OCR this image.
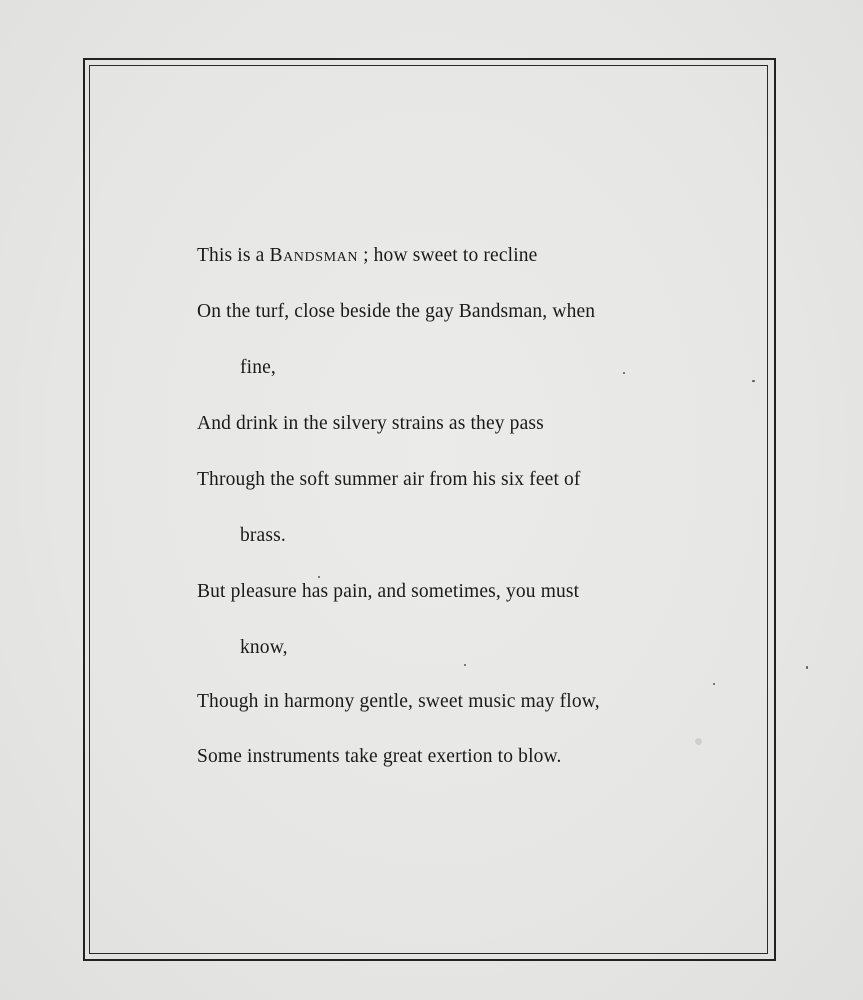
This is a Bandsman ; how sweet to recline
On the turf, close beside the gay Bandsman, when
fine,
And drink in the silvery strains as they pass
Through the soft summer air from his six feet of
brass.
But pleasure has pain, and sometimes, you must
know,
Though in harmony gentle, sweet music may flow,
Some instruments take great exertion to blow.
